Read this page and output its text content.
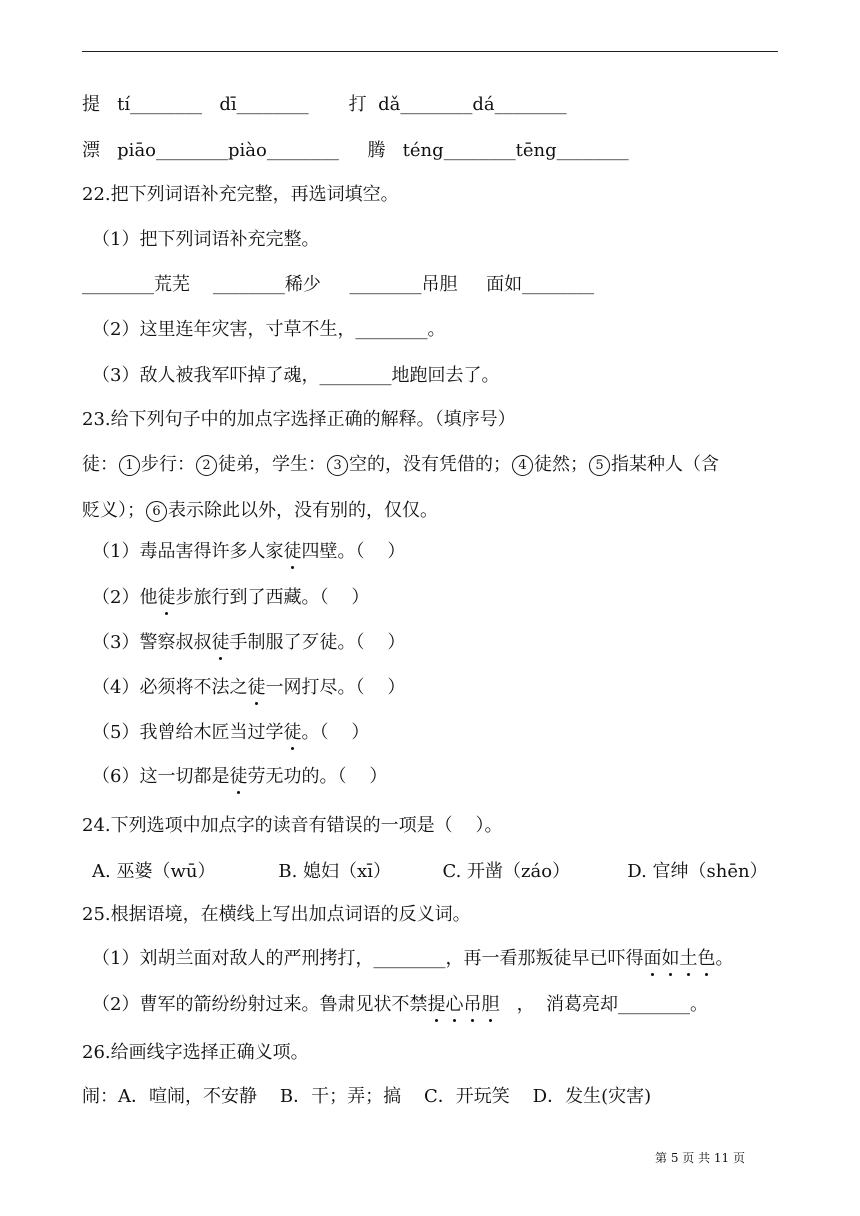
提   tí________   dī________       打  dǎ________dá________
漂   piāo________piào________     腾   téng________tēng________
22.把下列词语补充完整，再选词填空。
（1）把下列词语补充完整。
________荒芜    ________稀少     ________吊胆     面如________
（2）这里连年灾害，寸草不生，________。
（3）敌人被我军吓掉了魂，________地跑回去了。
23.给下列句子中的加点字选择正确的解释。（填序号）
徒： 1 步行： 2 徒弟，学生： 3 空的，没有凭借的； 4 徒然； 5 指某种人（含
贬义）； 6 表示除此以外，没有别的，仅仅。
（1）毒品害得许多人家徒四壁。（    ）
（2）他徒步旅行到了西藏。（    ）
（3）警察叔叔徒手制服了歹徒。（    ）
（4）必须将不法之徒一网打尽。（    ）
（5）我曾给木匠当过学徒。（    ）
（6）这一切都是徒劳无功的。（    ）
24.下列选项中加点字的读音有错误的一项是（    ）。
A. 巫婆（wū）           B. 媳妇（xī）         C. 开凿（záo）          D. 官绅（shēn）
25.根据语境，在横线上写出加点词语的反义词。
（1）刘胡兰面对敌人的严刑拷打，________，再一看那叛徒早已吓得面如土色。
（2）曹军的箭纷纷射过来。鲁肃见状不禁提心吊胆   ，  消葛亮却________。
26.给画线字选择正确义项。
闹：A．喧闹，不安静    B．干；弄；搞    C．开玩笑    D．发生(灾害)
第 5 页 共 11 页
